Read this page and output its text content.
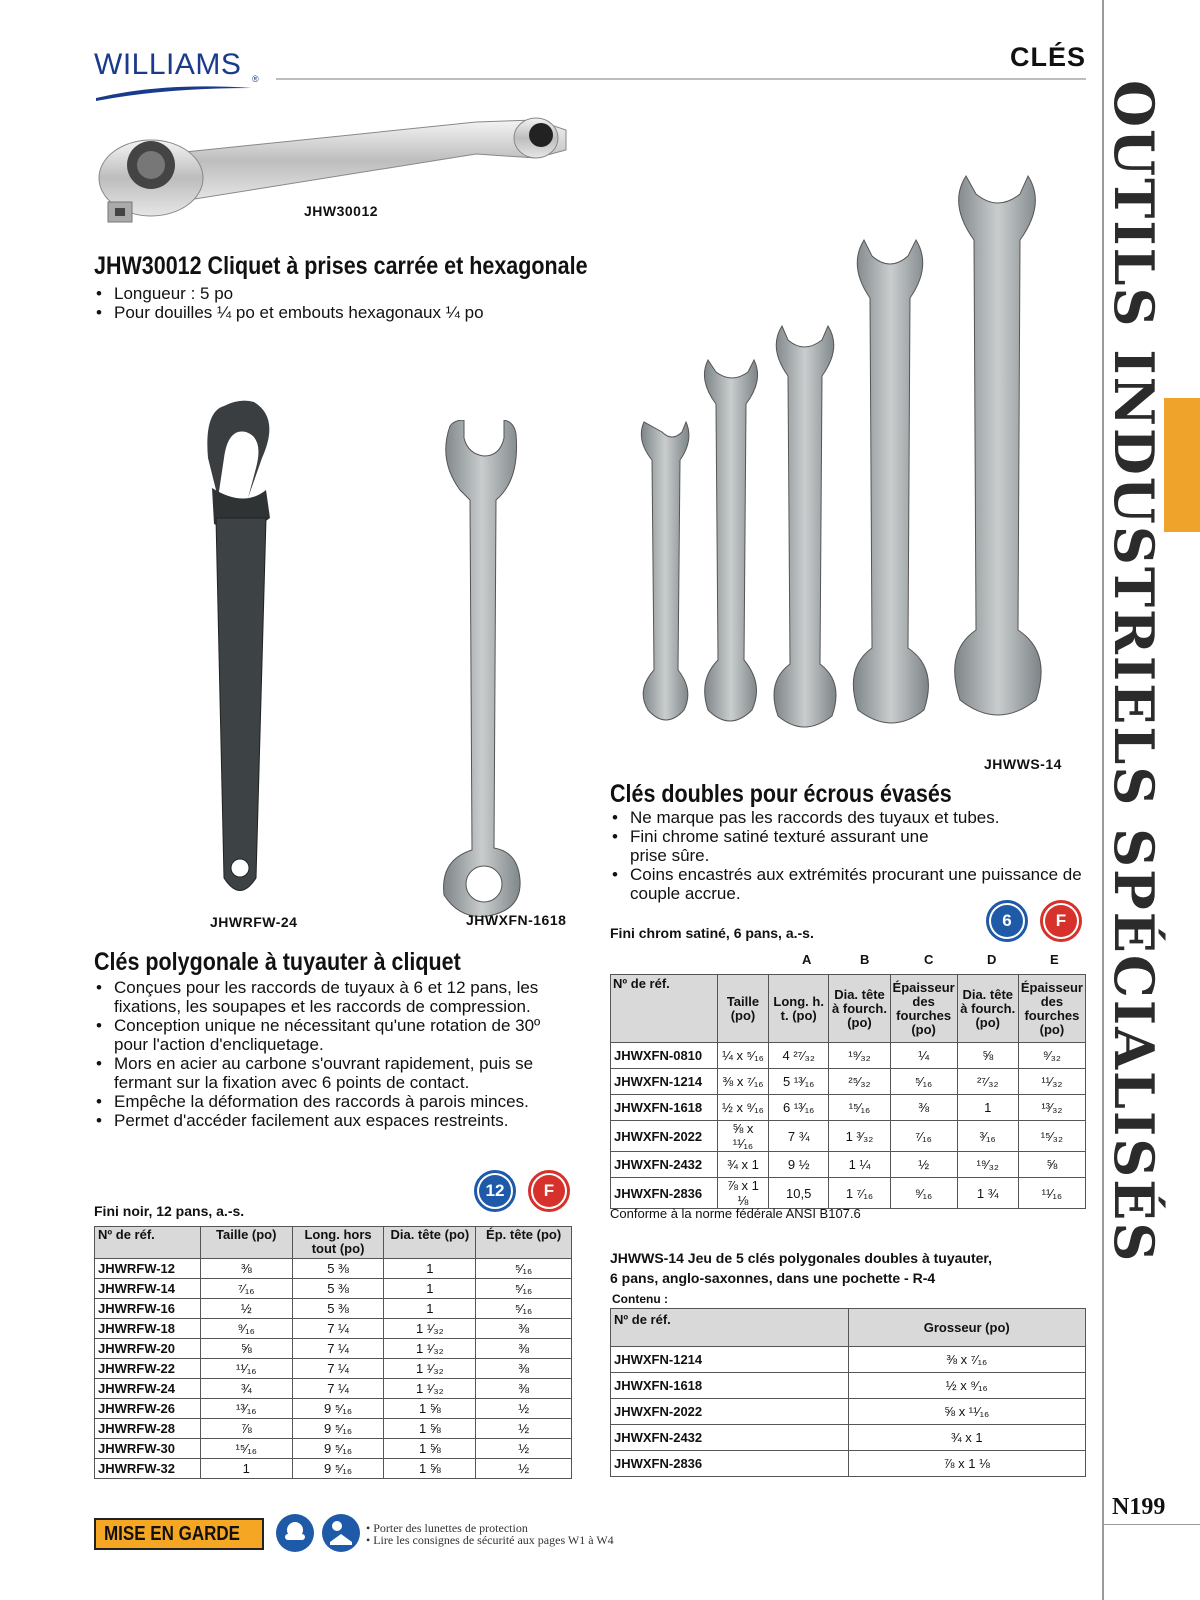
WILLIAMS ®
CLÉS
OUTILS INDUSTRIELS SPÉCIALISÉS
N199
JHW30012
JHW30012 Cliquet à prises carrée et hexagonale
• Longueur : 5 po
• Pour douilles ¼ po et embouts hexagonaux ¼ po
JHWRFW-24	JHWXFN-1618
JHWWS-14
Clés doubles pour écrous évasés
• Ne marque pas les raccords des tuyaux et tubes.
• Fini chrome satiné texturé assurant une prise sûre.
• Coins encastrés aux extrémités procurant une puissance de couple accrue.
6	F
Fini chrom satiné, 6 pans, a.-s.
A	B	C	D	E
Nº de réf.	Taille (po)	Long. h. t. (po)	Dia. tête à fourch. (po)	Épaisseur des fourches (po)	Dia. tête à fourch. (po)	Épaisseur des fourches (po)
JHWXFN-0810	¼ x ⁵⁄₁₆	4 ²⁷⁄₃₂	¹⁹⁄₃₂	¼	⅝	⁹⁄₃₂
JHWXFN-1214	⅜ x ⁷⁄₁₆	5 ¹³⁄₁₆	²⁵⁄₃₂	⁵⁄₁₆	²⁷⁄₃₂	¹¹⁄₃₂
JHWXFN-1618	½ x ⁹⁄₁₆	6 ¹³⁄₁₆	¹⁵⁄₁₆	⅜	1	¹³⁄₃₂
JHWXFN-2022	⅝ x ¹¹⁄₁₆	7 ¾	1 ³⁄₃₂	⁷⁄₁₆	³⁄₁₆	¹⁵⁄₃₂
JHWXFN-2432	¾ x 1	9 ½	1 ¼	½	¹⁹⁄₃₂	⅝
JHWXFN-2836	⅞ x 1 ⅛	10,5	1 ⁷⁄₁₆	⁹⁄₁₆	1 ¾	¹¹⁄₁₆
Conforme à la norme fédérale ANSI B107.6
JHWWS-14 Jeu de 5 clés polygonales doubles à tuyauter,
6 pans, anglo-saxonnes, dans une pochette - R-4
Contenu :
Nº de réf.	Grosseur (po)
JHWXFN-1214	⅜ x ⁷⁄₁₆
JHWXFN-1618	½ x ⁹⁄₁₆
JHWXFN-2022	⅝ x ¹¹⁄₁₆
JHWXFN-2432	¾ x 1
JHWXFN-2836	⅞ x 1 ⅛
Clés polygonale à tuyauter à cliquet
• Conçues pour les raccords de tuyaux à 6 et 12 pans, les fixations, les soupapes et les raccords de compression.
• Conception unique ne nécessitant qu'une rotation de 30º pour l'action d'encliquetage.
• Mors en acier au carbone s'ouvrant rapidement, puis se fermant sur la fixation avec 6 points de contact.
• Empêche la déformation des raccords à parois minces.
• Permet d'accéder facilement aux espaces restreints.
12	F
Fini noir, 12 pans, a.-s.
Nº de réf.	Taille (po)	Long. hors tout (po)	Dia. tête (po)	Ép. tête (po)
JHWRFW-12	⅜	5 ⅜	1	⁵⁄₁₆
JHWRFW-14	⁷⁄₁₆	5 ⅜	1	⁵⁄₁₆
JHWRFW-16	½	5 ⅜	1	⁵⁄₁₆
JHWRFW-18	⁹⁄₁₆	7 ¼	1 ¹⁄₃₂	⅜
JHWRFW-20	⅝	7 ¼	1 ¹⁄₃₂	⅜
JHWRFW-22	¹¹⁄₁₆	7 ¼	1 ¹⁄₃₂	⅜
JHWRFW-24	¾	7 ¼	1 ¹⁄₃₂	⅜
JHWRFW-26	¹³⁄₁₆	9 ⁵⁄₁₆	1 ⅝	½
JHWRFW-28	⅞	9 ⁵⁄₁₆	1 ⅝	½
JHWRFW-30	¹⁵⁄₁₆	9 ⁵⁄₁₆	1 ⅝	½
JHWRFW-32	1	9 ⁵⁄₁₆	1 ⅝	½
MISE EN GARDE	• Porter des lunettes de protection
• Lire les consignes de sécurité aux pages W1 à W4
